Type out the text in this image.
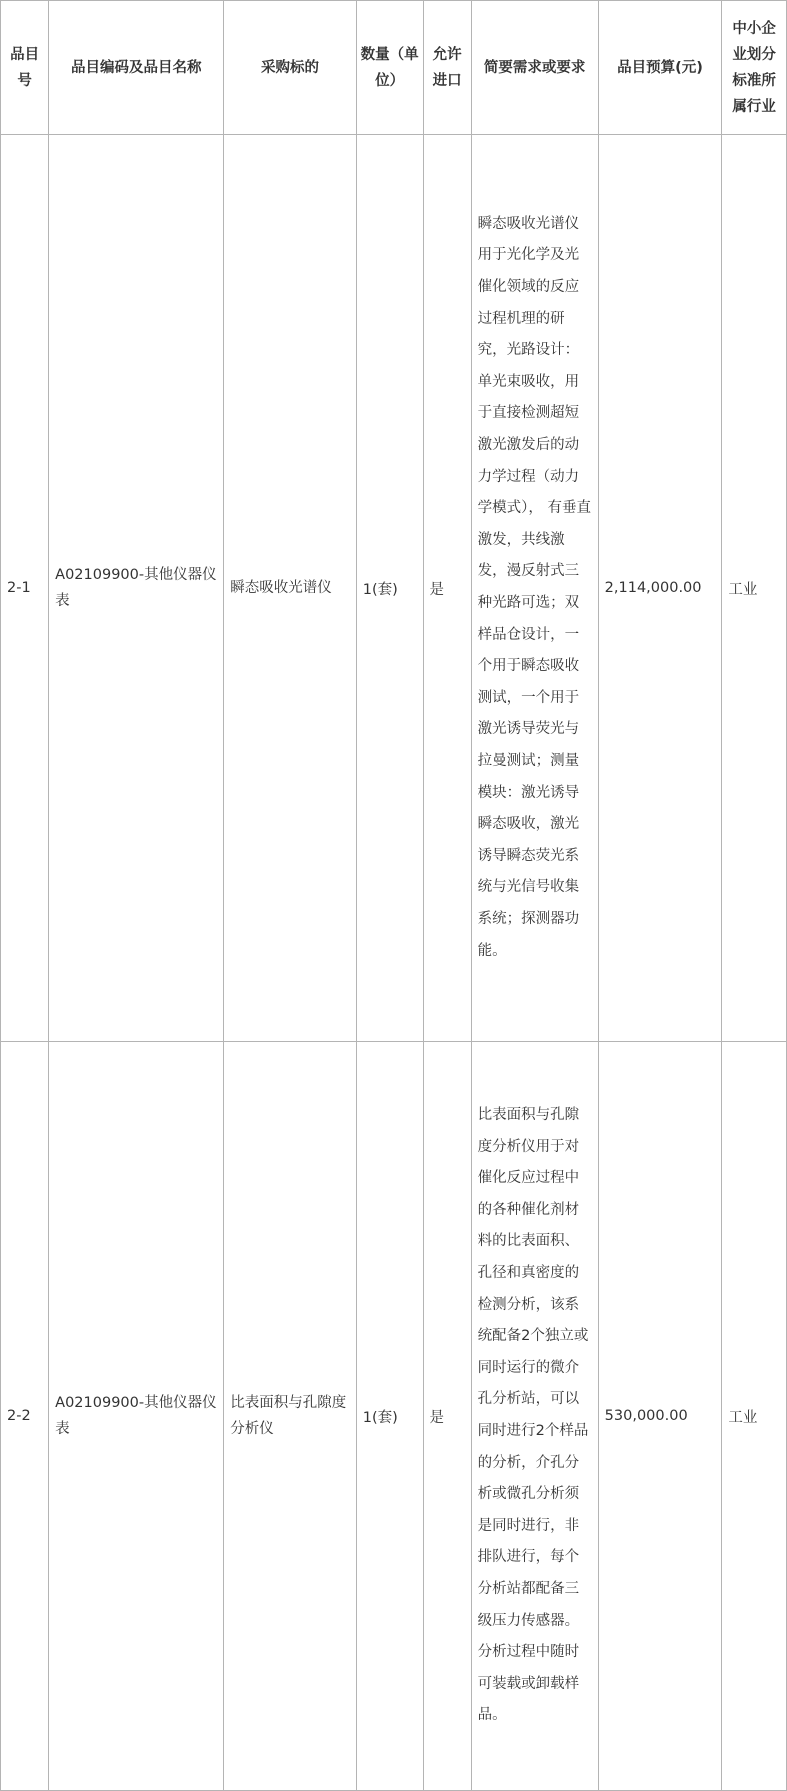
品目号	品目编码及品目名称	采购标的	数量（单位）	允许进口	简要需求或要求	品目预算(元)	中小企业划分标准所属行业
2-1	A02109900-其他仪器仪表	瞬态吸收光谱仪	1(套)	是	瞬态吸收光谱仪用于光化学及光催化领域的反应过程机理的研究，光路设计：单光束吸收，用于直接检测超短激光激发后的动力学过程（动力学模式）， 有垂直激发，共线激发，漫反射式三种光路可选；双样品仓设计，一个用于瞬态吸收测试，一个用于激光诱导荧光与拉曼测试；测量模块：激光诱导瞬态吸收，激光诱导瞬态荧光系统与光信号收集系统；探测器功能。	2,114,000.00	工业
2-2	A02109900-其他仪器仪表	比表面积与孔隙度分析仪	1(套)	是	比表面积与孔隙度分析仪用于对催化反应过程中的各种催化剂材料的比表面积、孔径和真密度的检测分析，该系统配备2个独立或同时运行的微介孔分析站，可以同时进行2个样品的分析，介孔分析或微孔分析须是同时进行，非排队进行，每个分析站都配备三级压力传感器。分析过程中随时可装载或卸载样品。	530,000.00	工业
